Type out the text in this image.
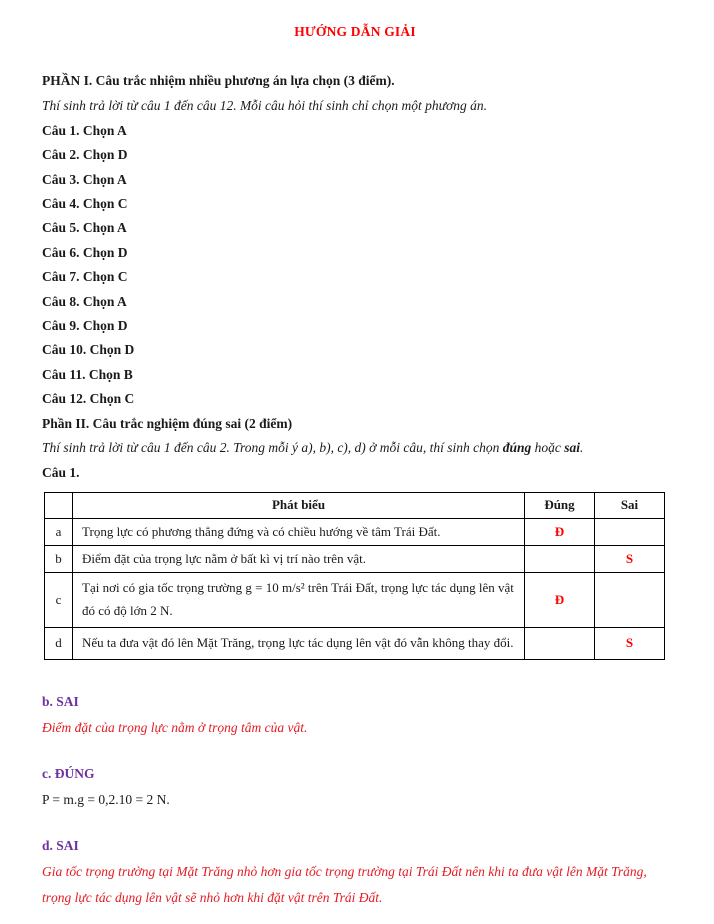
HƯỚNG DẪN GIẢI
PHẦN I. Câu trắc nhiệm nhiều phương án lựa chọn (3 điểm).
Thí sinh trả lời từ câu 1 đến câu 12. Mỗi câu hỏi thí sinh chỉ chọn một phương án.
Câu 1. Chọn A
Câu 2. Chọn D
Câu 3. Chọn A
Câu 4. Chọn C
Câu 5. Chọn A
Câu 6. Chọn D
Câu 7. Chọn C
Câu 8. Chọn A
Câu 9. Chọn D
Câu 10. Chọn D
Câu 11. Chọn B
Câu 12. Chọn C
Phần II. Câu trắc nghiệm đúng sai (2 điểm)
Thí sinh trả lời từ câu 1 đến câu 2. Trong mỗi ý a), b), c), d) ở mỗi câu, thí sinh chọn đúng hoặc sai.
Câu 1.
	Phát biểu	Đúng	Sai
a	Trọng lực có phương thẳng đứng và có chiều hướng về tâm Trái Đất.	Đ	
b	Điểm đặt của trọng lực nằm ở bất kì vị trí nào trên vật.		S
c	Tại nơi có gia tốc trọng trường g = 10 m/s² trên Trái Đất, trọng lực tác dụng lên vật đó có độ lớn 2 N.	Đ	
d	Nếu ta đưa vật đó lên Mặt Trăng, trọng lực tác dụng lên vật đó vẫn không thay đổi.		S
b. SAI
Điểm đặt của trọng lực nằm ở trọng tâm của vật.
c. ĐÚNG
P = m.g = 0,2.10 = 2 N.
d. SAI
Gia tốc trọng trường tại Mặt Trăng nhỏ hơn gia tốc trọng trường tại Trái Đất nên khi ta đưa vật lên Mặt Trăng, trọng lực tác dụng lên vật sẽ nhỏ hơn khi đặt vật trên Trái Đất.
